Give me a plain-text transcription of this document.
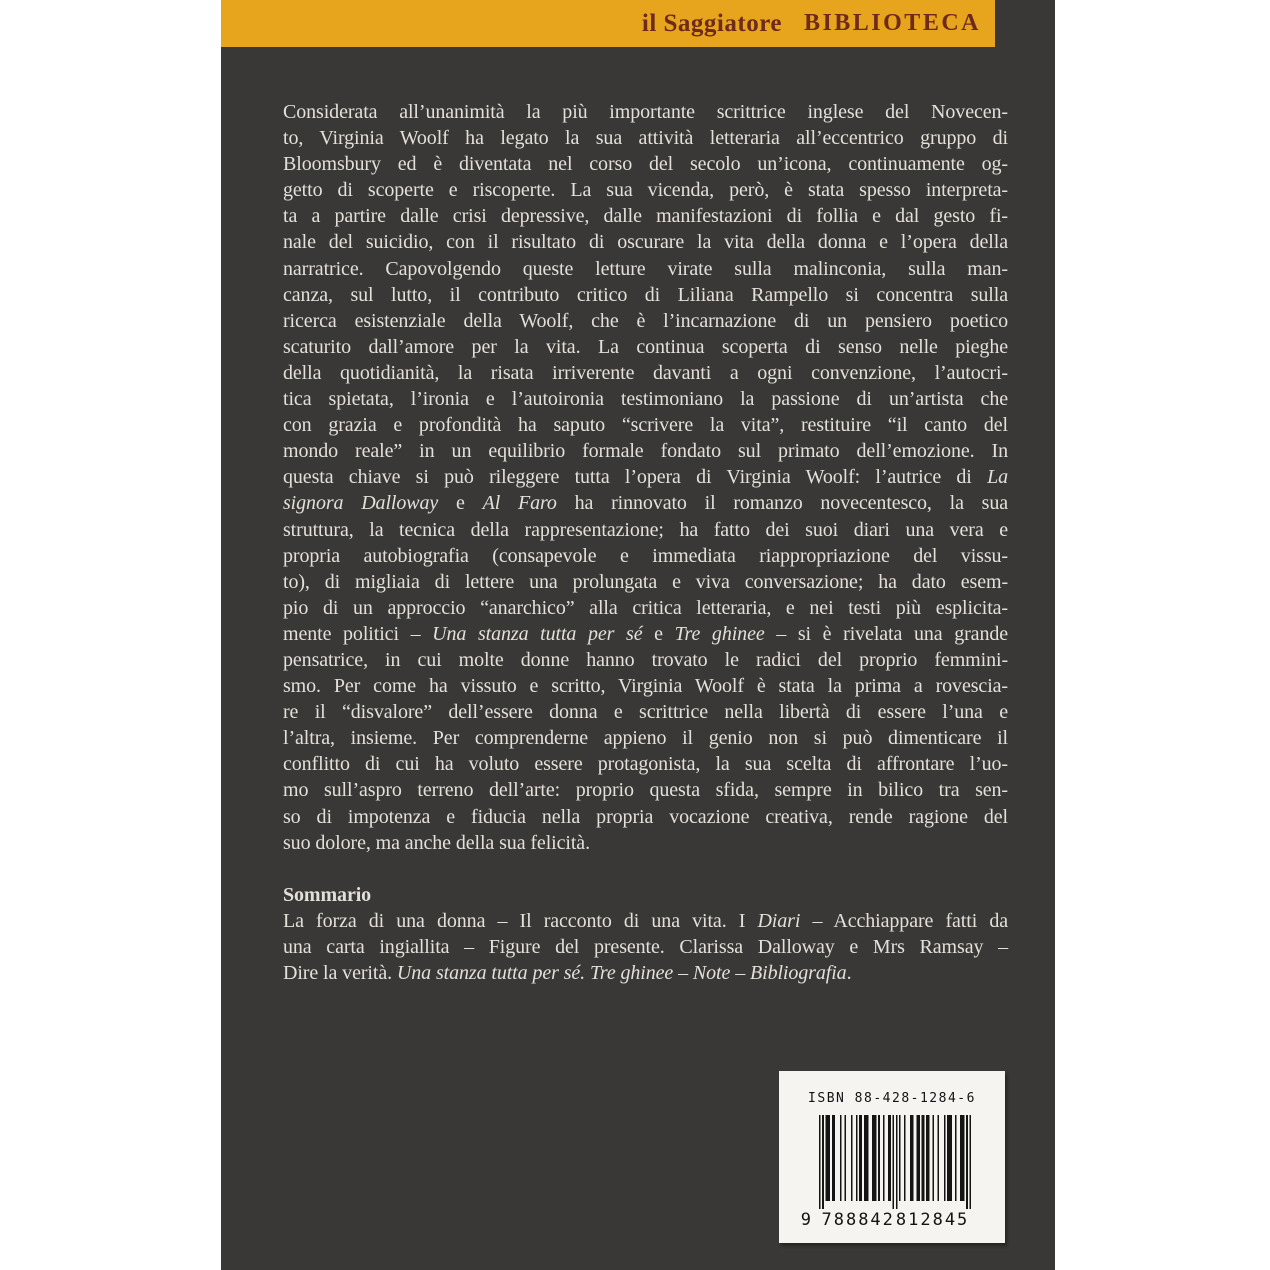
il Saggiatore BIBLIOTECA
Considerata all’unanimità la più importante scrittrice inglese del Novecen-
to, Virginia Woolf ha legato la sua attività letteraria all’eccentrico gruppo di
Bloomsbury ed è diventata nel corso del secolo un’icona, continuamente og-
getto di scoperte e riscoperte. La sua vicenda, però, è stata spesso interpreta-
ta a partire dalle crisi depressive, dalle manifestazioni di follia e dal gesto fi-
nale del suicidio, con il risultato di oscurare la vita della donna e l’opera della
narratrice. Capovolgendo queste letture virate sulla malinconia, sulla man-
canza, sul lutto, il contributo critico di Liliana Rampello si concentra sulla
ricerca esistenziale della Woolf, che è l’incarnazione di un pensiero poetico
scaturito dall’amore per la vita. La continua scoperta di senso nelle pieghe
della quotidianità, la risata irriverente davanti a ogni convenzione, l’autocri-
tica spietata, l’ironia e l’autoironia testimoniano la passione di un’artista che
con grazia e profondità ha saputo “scrivere la vita”, restituire “il canto del
mondo reale” in un equilibrio formale fondato sul primato dell’emozione. In
questa chiave si può rileggere tutta l’opera di Virginia Woolf: l’autrice di La
signora Dalloway e Al Faro ha rinnovato il romanzo novecentesco, la sua
struttura, la tecnica della rappresentazione; ha fatto dei suoi diari una vera e
propria autobiografia (consapevole e immediata riappropriazione del vissu-
to), di migliaia di lettere una prolungata e viva conversazione; ha dato esem-
pio di un approccio “anarchico” alla critica letteraria, e nei testi più esplicita-
mente politici – Una stanza tutta per sé e Tre ghinee – si è rivelata una grande
pensatrice, in cui molte donne hanno trovato le radici del proprio femmini-
smo. Per come ha vissuto e scritto, Virginia Woolf è stata la prima a rovescia-
re il “disvalore” dell’essere donna e scrittrice nella libertà di essere l’una e
l’altra, insieme. Per comprenderne appieno il genio non si può dimenticare il
conflitto di cui ha voluto essere protagonista, la sua scelta di affrontare l’uo-
mo sull’aspro terreno dell’arte: proprio questa sfida, sempre in bilico tra sen-
so di impotenza e fiducia nella propria vocazione creativa, rende ragione del
suo dolore, ma anche della sua felicità.
Sommario
La forza di una donna – Il racconto di una vita. I Diari – Acchiappare fatti da
una carta ingiallita – Figure del presente. Clarissa Dalloway e Mrs Ramsay –
Dire la verità. Una stanza tutta per sé. Tre ghinee – Note – Bibliografia.
ISBN 88-428-1284-6
9 788842 812845
